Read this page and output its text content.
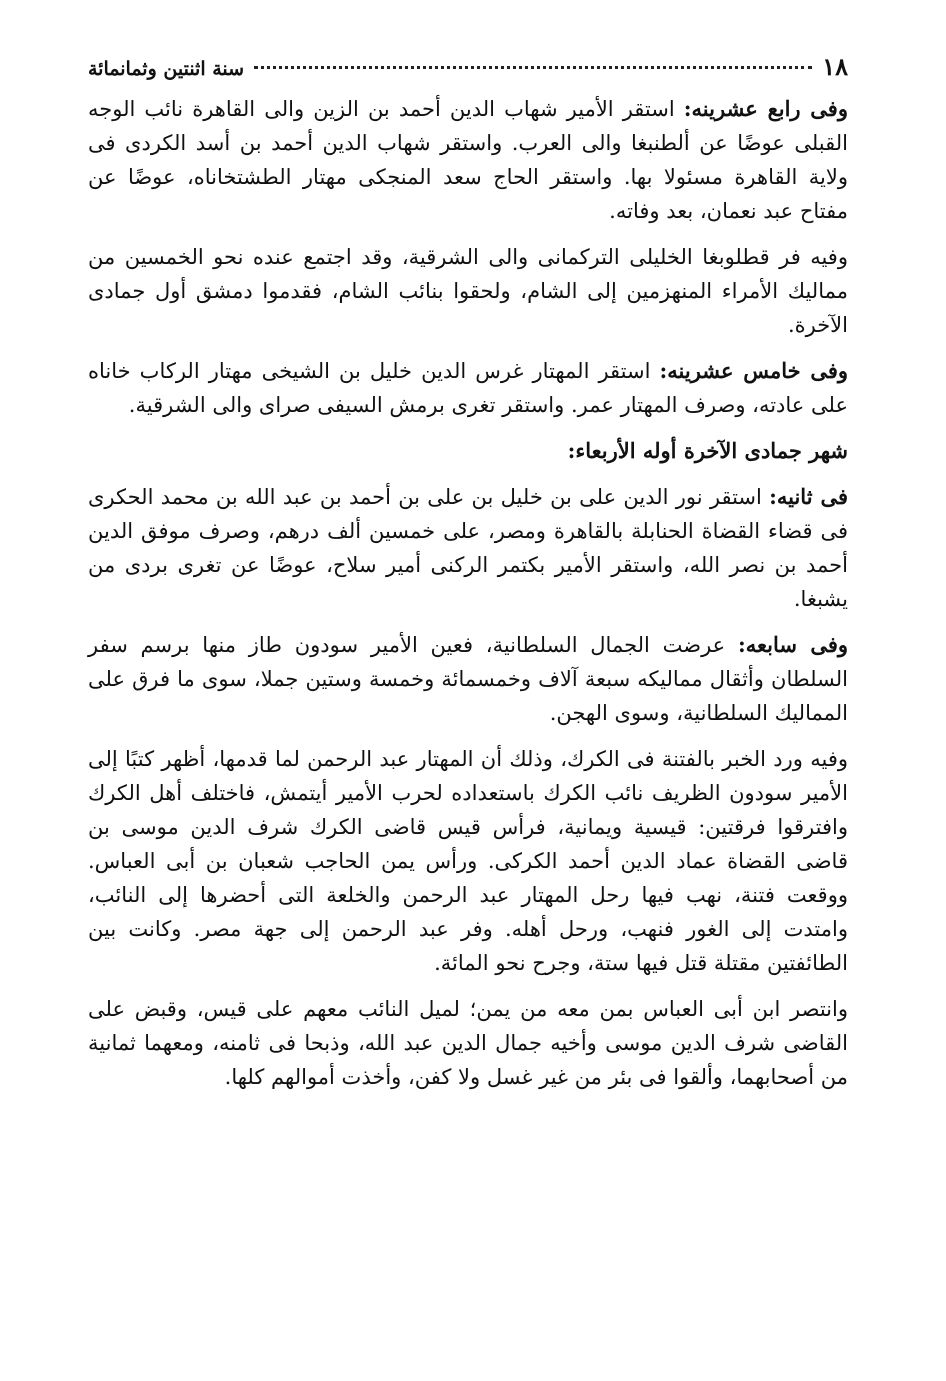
١٨
سنة اثنتين وثمانمائة

وفى رابع عشرينه: استقر الأمير شهاب الدين أحمد بن الزين والى القاهرة نائب الوجه القبلى عوضًا عن ألطنبغا والى العرب. واستقر شهاب الدين أحمد بن أسد الكردى فى ولاية القاهرة مسئولا بها. واستقر الحاج سعد المنجكى مهتار الطشتخاناه، عوضًا عن مفتاح عبد نعمان، بعد وفاته.

وفيه فر قطلوبغا الخليلى التركمانى والى الشرقية، وقد اجتمع عنده نحو الخمسين من مماليك الأمراء المنهزمين إلى الشام، ولحقوا بنائب الشام، فقدموا دمشق أول جمادى الآخرة.

وفى خامس عشرينه: استقر المهتار غرس الدين خليل بن الشيخى مهتار الركاب خاناه على عادته، وصرف المهتار عمر. واستقر تغرى برمش السيفى صراى والى الشرقية.

شهر جمادى الآخرة أوله الأربعاء:

فى ثانيه: استقر نور الدين على بن خليل بن على بن أحمد بن عبد الله بن محمد الحكرى فى قضاء القضاة الحنابلة بالقاهرة ومصر، على خمسين ألف درهم، وصرف موفق الدين أحمد بن نصر الله، واستقر الأمير بكتمر الركنى أمير سلاح، عوضًا عن تغرى بردى من يشبغا.

وفى سابعه: عرضت الجمال السلطانية، فعين الأمير سودون طاز منها برسم سفر السلطان وأثقال مماليكه سبعة آلاف وخمسمائة وخمسة وستين جملا، سوى ما فرق على المماليك السلطانية، وسوى الهجن.

وفيه ورد الخبر بالفتنة فى الكرك، وذلك أن المهتار عبد الرحمن لما قدمها، أظهر كتبًا إلى الأمير سودون الظريف نائب الكرك باستعداده لحرب الأمير أيتمش، فاختلف أهل الكرك وافترقوا فرقتين: قيسية ويمانية، فرأس قيس قاضى الكرك شرف الدين موسى بن قاضى القضاة عماد الدين أحمد الكركى. ورأس يمن الحاجب شعبان بن أبى العباس. ووقعت فتنة، نهب فيها رحل المهتار عبد الرحمن والخلعة التى أحضرها إلى النائب، وامتدت إلى الغور فنهب، ورحل أهله. وفر عبد الرحمن إلى جهة مصر. وكانت بين الطائفتين مقتلة قتل فيها ستة، وجرح نحو المائة.

وانتصر ابن أبى العباس بمن معه من يمن؛ لميل النائب معهم على قيس، وقبض على القاضى شرف الدين موسى وأخيه جمال الدين عبد الله، وذبحا فى ثامنه، ومعهما ثمانية من أصحابهما، وألقوا فى بئر من غير غسل ولا كفن، وأخذت أموالهم كلها.
